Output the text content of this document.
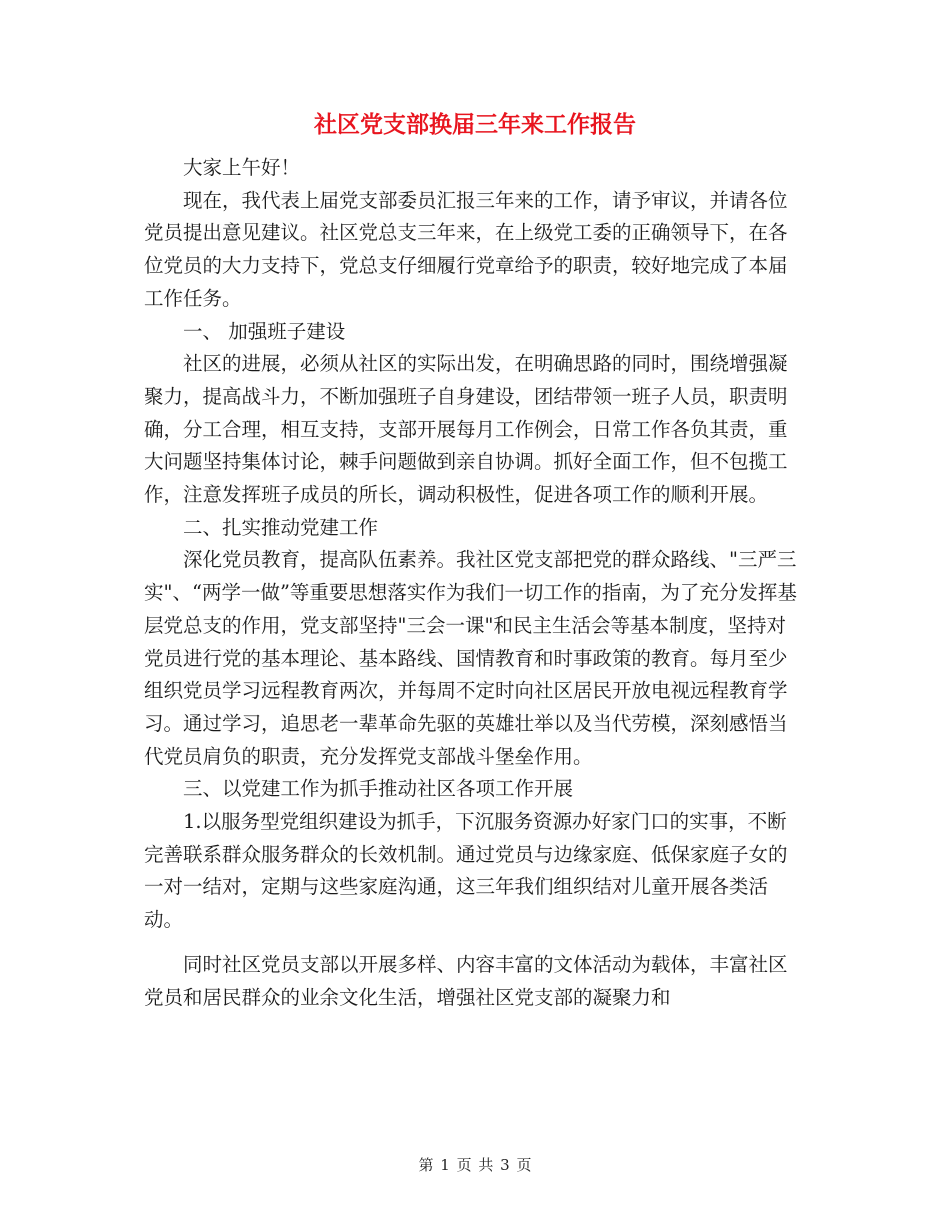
社区党支部换届三年来工作报告

大家上午好！

现在，我代表上届党支部委员汇报三年来的工作，请予审议，并请各位党员提出意见建议。社区党总支三年来，在上级党工委的正确领导下，在各位党员的大力支持下，党总支仔细履行党章给予的职责，较好地完成了本届工作任务。

一、 加强班子建设

社区的进展，必须从社区的实际出发，在明确思路的同时，围绕增强凝聚力，提高战斗力，不断加强班子自身建设，团结带领一班子人员，职责明确，分工合理，相互支持，支部开展每月工作例会，日常工作各负其责，重大问题坚持集体讨论，棘手问题做到亲自协调。抓好全面工作，但不包揽工作，注意发挥班子成员的所长，调动积极性，促进各项工作的顺利开展。

二、扎实推动党建工作

深化党员教育，提高队伍素养。我社区党支部把党的群众路线、"三严三实"、“两学一做”等重要思想落实作为我们一切工作的指南，为了充分发挥基层党总支的作用，党支部坚持"三会一课"和民主生活会等基本制度，坚持对党员进行党的基本理论、基本路线、国情教育和时事政策的教育。每月至少组织党员学习远程教育两次，并每周不定时向社区居民开放电视远程教育学习。通过学习，追思老一辈革命先驱的英雄壮举以及当代劳模，深刻感悟当代党员肩负的职责，充分发挥党支部战斗堡垒作用。

三、以党建工作为抓手推动社区各项工作开展

1.以服务型党组织建设为抓手，下沉服务资源办好家门口的实事，不断完善联系群众服务群众的长效机制。通过党员与边缘家庭、低保家庭子女的一对一结对，定期与这些家庭沟通，这三年我们组织结对儿童开展各类活动。

同时社区党员支部以开展多样、内容丰富的文体活动为载体，丰富社区党员和居民群众的业余文化生活，增强社区党支部的凝聚力和

第 1 页 共 3 页
